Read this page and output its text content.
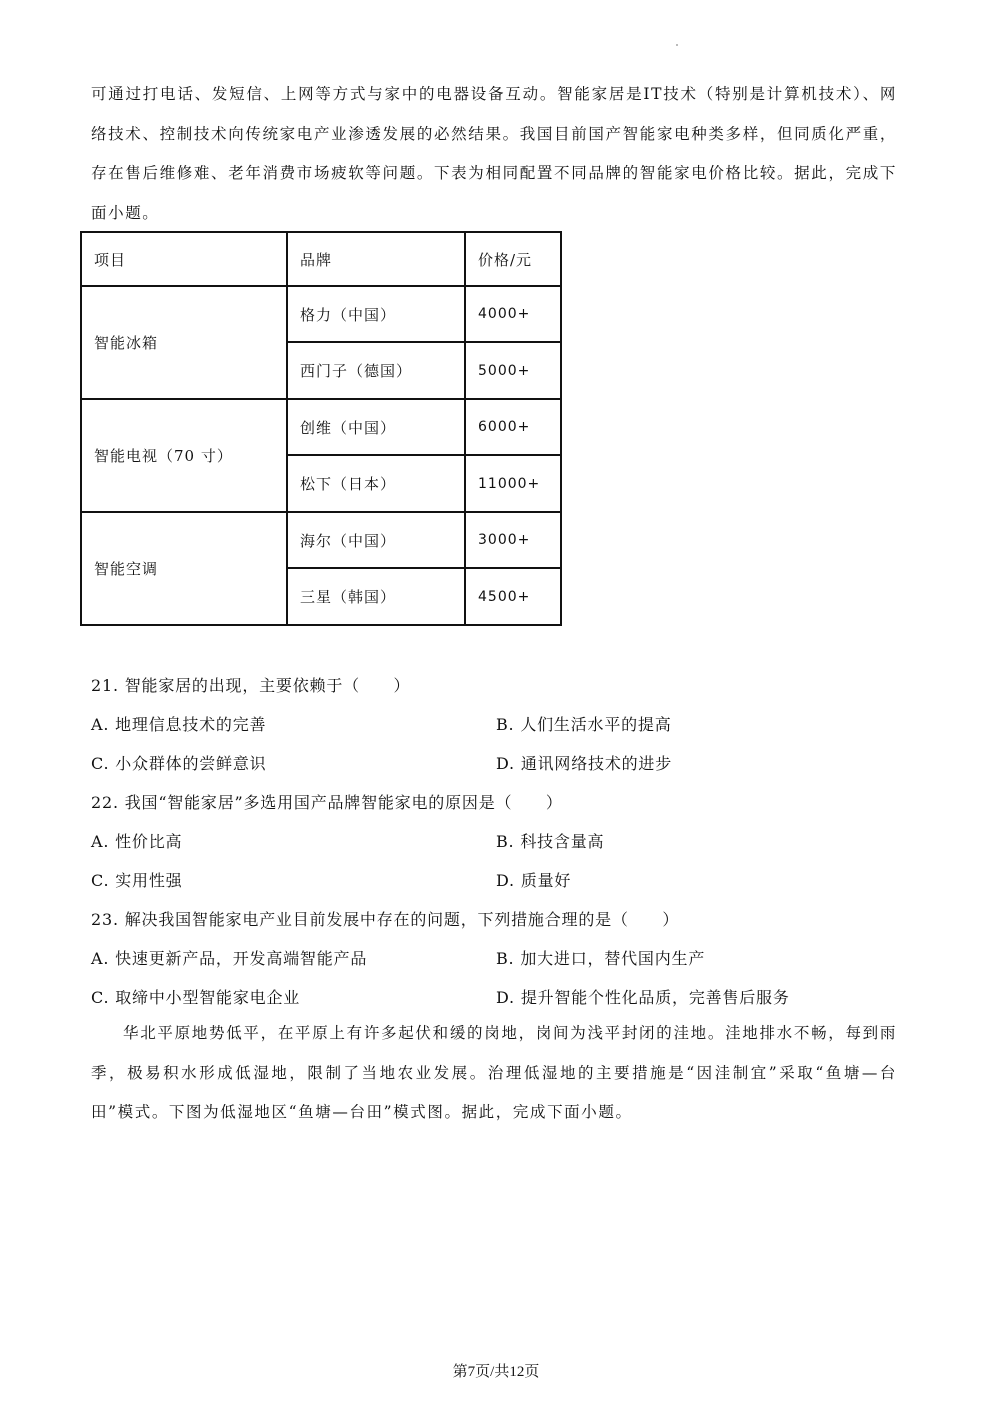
可通过打电话、发短信、上网等方式与家中的电器设备互动。智能家居是IT技术（特别是计算机技术）、网络技术、控制技术向传统家电产业渗透发展的必然结果。我国目前国产智能家电种类多样，但同质化严重，存在售后维修难、老年消费市场疲软等问题。下表为相同配置不同品牌的智能家电价格比较。据此，完成下面小题。
项目	品牌	价格/元
智能冰箱	格力（中国）	4000+
	西门子（德国）	5000+
智能电视（70 寸）	创维（中国）	6000+
	松下（日本）	11000+
智能空调	海尔（中国）	3000+
	三星（韩国）	4500+
21. 智能家居的出现，主要依赖于（　　）
A. 地理信息技术的完善	B. 人们生活水平的提高
C. 小众群体的尝鲜意识	D. 通讯网络技术的进步
22. 我国“智能家居”多选用国产品牌智能家电的原因是（　　）
A. 性价比高	B. 科技含量高
C. 实用性强	D. 质量好
23. 解决我国智能家电产业目前发展中存在的问题，下列措施合理的是（　　）
A. 快速更新产品，开发高端智能产品	B. 加大进口，替代国内生产
C. 取缔中小型智能家电企业	D. 提升智能个性化品质，完善售后服务
华北平原地势低平，在平原上有许多起伏和缓的岗地，岗间为浅平封闭的洼地。洼地排水不畅，每到雨季，极易积水形成低湿地，限制了当地农业发展。治理低湿地的主要措施是“因洼制宜”采取“鱼塘—台田”模式。下图为低湿地区“鱼塘—台田”模式图。据此，完成下面小题。
第7页/共12页
